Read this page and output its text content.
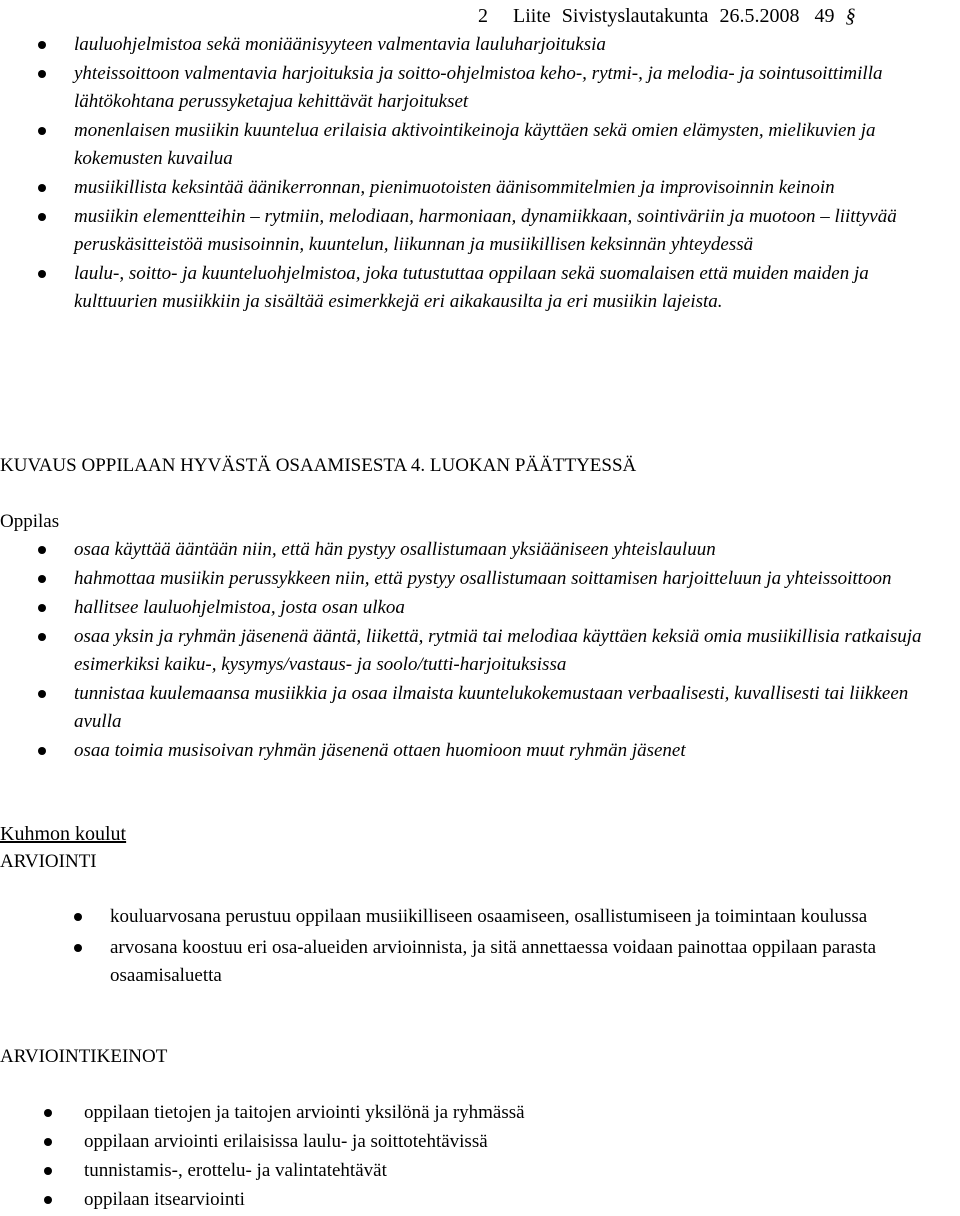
2 Liite Sivistyslautakunta 26.5.2008 49 §
lauluohjelmistoa sekä moniäänisyyteen valmentavia lauluharjoituksia
yhteissoittoon valmentavia harjoituksia ja soitto-ohjelmistoa keho-, rytmi-, ja melodia- ja sointusoittimilla lähtökohtana perussyketajua kehittävät harjoitukset
monenlaisen musiikin kuuntelua erilaisia aktivointikeinoja käyttäen sekä omien elämysten, mielikuvien ja kokemusten kuvailua
musiikillista keksintää äänikerronnan, pienimuotoisten äänisommitelmien ja improvisoinnin keinoin
musiikin elementteihin – rytmiin, melodiaan, harmoniaan, dynamiikkaan, sointiväriin ja muotoon – liittyvää peruskäsitteistöä musisoinnin, kuuntelun, liikunnan ja musiikillisen keksinnän yhteydessä
laulu-, soitto- ja kuunteluohjelmistoa, joka tutustuttaa oppilaan sekä suomalaisen että muiden maiden ja kulttuurien musiikkiin ja sisältää esimerkkejä eri aikakausilta ja eri musiikin lajeista.
KUVAUS OPPILAAN HYVÄSTÄ OSAAMISESTA 4. LUOKAN PÄÄTTYESSÄ
Oppilas
osaa käyttää ääntään niin, että hän pystyy osallistumaan yksiääniseen yhteislauluun
hahmottaa musiikin perussykkeen niin, että pystyy osallistumaan soittamisen harjoitteluun ja yhteissoittoon
hallitsee lauluohjelmistoa, josta osan ulkoa
osaa yksin ja ryhmän jäsenenä ääntä, liikettä, rytmiä tai melodiaa käyttäen keksiä omia musiikillisia ratkaisuja esimerkiksi kaiku-, kysymys/vastaus- ja soolo/tutti-harjoituksissa
tunnistaa kuulemaansa musiikkia ja osaa ilmaista kuuntelukokemustaan verbaalisesti, kuvallisesti tai liikkeen avulla
osaa toimia musisoivan ryhmän jäsenenä ottaen huomioon muut ryhmän jäsenet
Kuhmon koulut
ARVIOINTI
kouluarvosana perustuu oppilaan musiikilliseen osaamiseen, osallistumiseen ja toimintaan koulussa
arvosana koostuu eri osa-alueiden arvioinnista, ja sitä annettaessa voidaan painottaa oppilaan parasta osaamisaluetta
ARVIOINTIKEINOT
oppilaan tietojen ja taitojen arviointi yksilönä ja ryhmässä
oppilaan arviointi erilaisissa laulu- ja soittotehtävissä
tunnistamis-, erottelu- ja valintatehtävät
oppilaan itsearviointi
